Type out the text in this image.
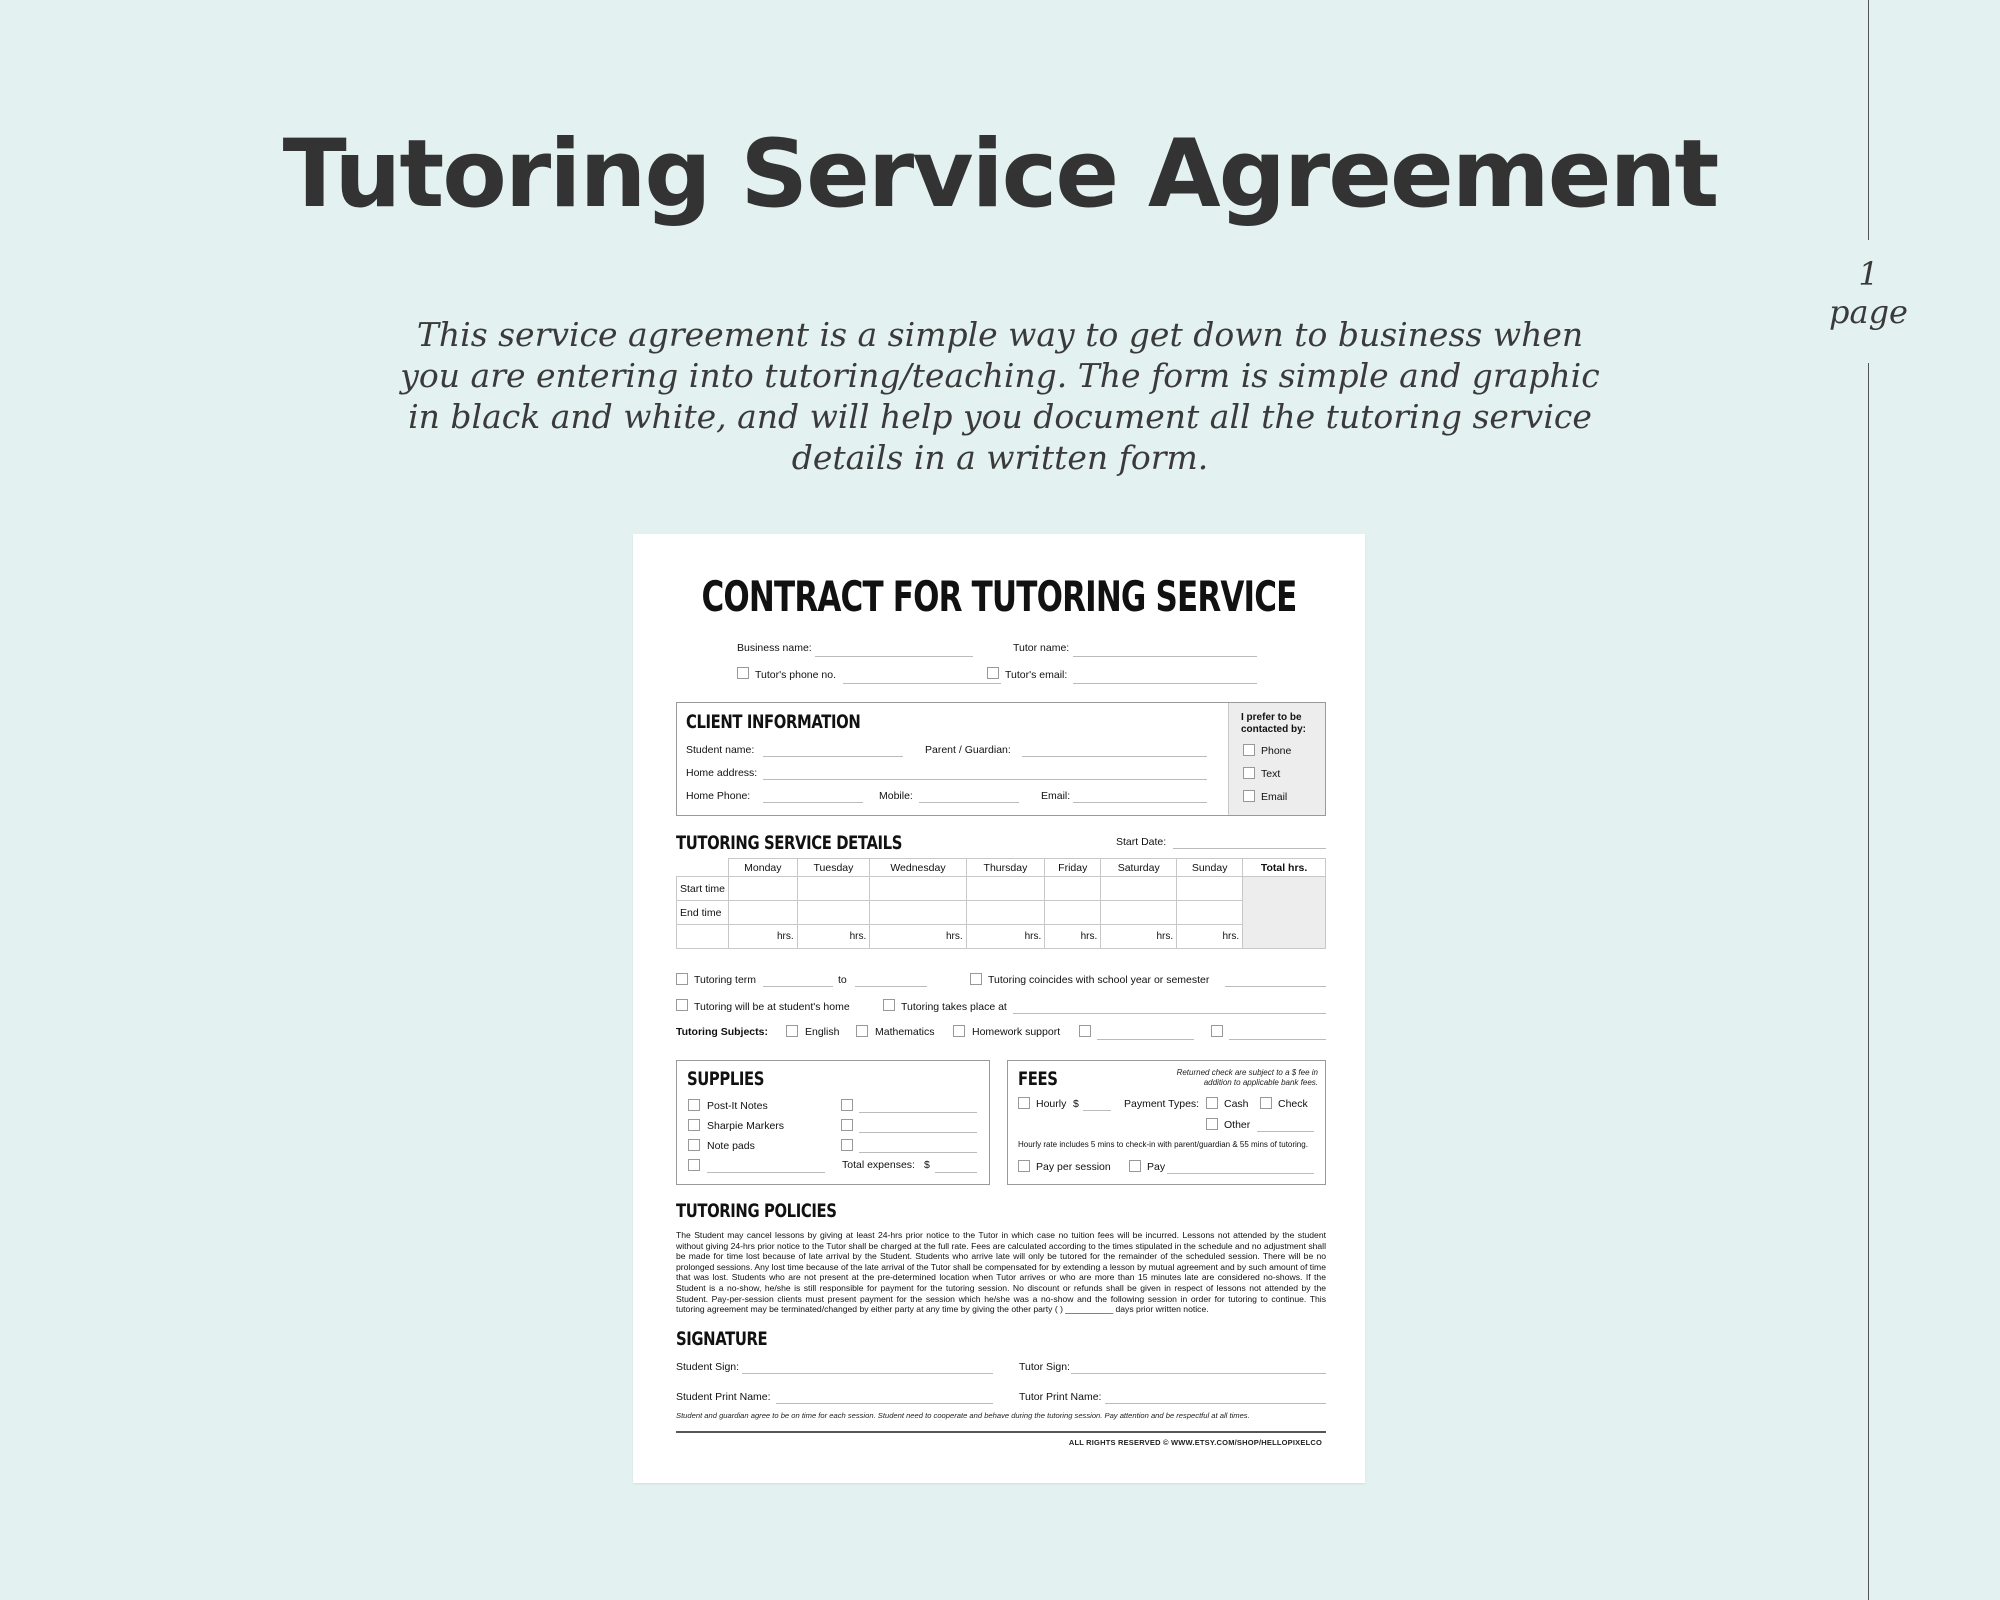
Tutoring Service Agreement
This service agreement is a simple way to get down to business when you are entering into tutoring/teaching. The form is simple and graphic in black and white, and will help you document all the tutoring service details in a written form.
1
page
CONTRACT FOR TUTORING SERVICE
Business name:	Tutor name:
Tutor's phone no.	Tutor's email:
CLIENT INFORMATION
Student name:	Parent / Guardian:
Home address:
Home Phone:	Mobile:	Email:
I prefer to be contacted by:
Phone
Text
Email
TUTORING SERVICE DETAILS	Start Date:
	Monday	Tuesday	Wednesday	Thursday	Friday	Saturday	Sunday	Total hrs.
Start time								
End time								
	hrs.	hrs.	hrs.	hrs.	hrs.	hrs.	hrs.	
Tutoring term	to	Tutoring coincides with school year or semester
Tutoring will be at student's home	Tutoring takes place at
Tutoring Subjects:	English	Mathematics	Homework support
SUPPLIES
Post-It Notes
Sharpie Markers
Note pads
Total expenses: $
FEES	Returned check are subject to a $ fee in addition to applicable bank fees.
Hourly $	Payment Types: Cash	Check
Other
Hourly rate includes 5 mins to check-in with parent/guardian & 55 mins of tutoring.
Pay per session	Pay
TUTORING POLICIES
The Student may cancel lessons by giving at least 24-hrs prior notice to the Tutor in which case no tuition fees will be incurred. Lessons not attended by the student without giving 24-hrs prior notice to the Tutor shall be charged at the full rate. Fees are calculated according to the times stipulated in the schedule and no adjustment shall be made for time lost because of late arrival by the Student. Students who arrive late will only be tutored for the remainder of the scheduled session. There will be no prolonged sessions. Any lost time because of the late arrival of the Tutor shall be compensated for by extending a lesson by mutual agreement and by such amount of time that was lost. Students who are not present at the pre-determined location when Tutor arrives or who are more than 15 minutes late are considered no-shows. If the Student is a no-show, he/she is still responsible for payment for the tutoring session. No discount or refunds shall be given in respect of lessons not attended by the Student. Pay-per-session clients must present payment for the session which he/she was a no-show and the following session in order for tutoring to continue. This tutoring agreement may be terminated/changed by either party at any time by giving the other party ( ) __________ days prior written notice.
SIGNATURE
Student Sign:	Tutor Sign:
Student Print Name:	Tutor Print Name:
Student and guardian agree to be on time for each session. Student need to cooperate and behave during the tutoring session. Pay attention and be respectful at all times.
ALL RIGHTS RESERVED © WWW.ETSY.COM/SHOP/HELLOPIXELCO
